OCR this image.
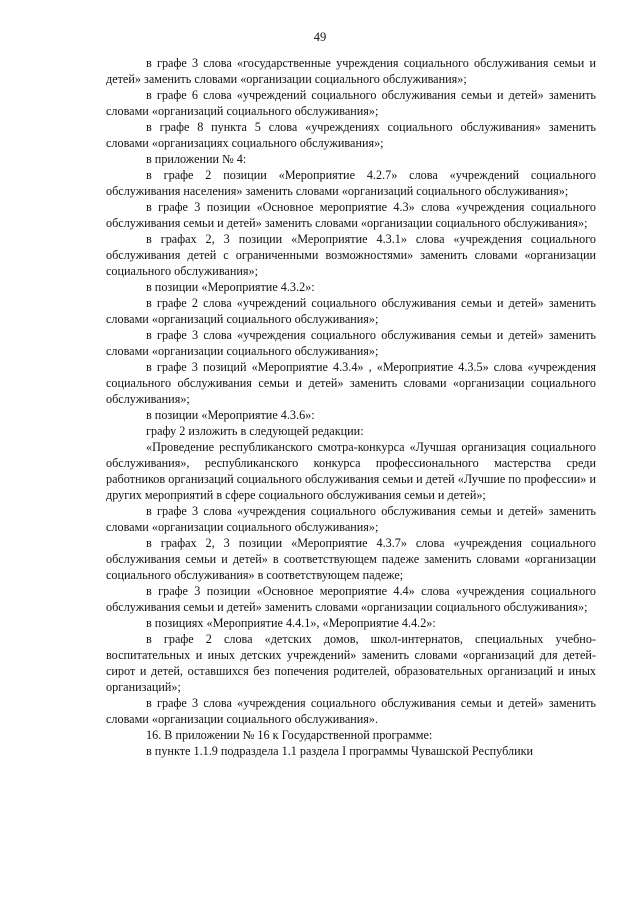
49

в графе 3 слова «государственные учреждения социального обслуживания семьи и детей» заменить словами «организации социального обслуживания»;

в графе 6 слова «учреждений социального обслуживания семьи и детей» заменить словами «организаций социального обслуживания»;

в графе 8 пункта 5 слова «учреждениях социального обслуживания» заменить словами «организациях социального обслуживания»;

в приложении № 4:

в графе 2 позиции «Мероприятие 4.2.7» слова «учреждений социального обслуживания населения» заменить словами «организаций социального обслуживания»;

в графе 3 позиции «Основное мероприятие 4.3» слова «учреждения социального обслуживания семьи и детей» заменить словами «организации социального обслуживания»;

в графах 2, 3 позиции «Мероприятие 4.3.1» слова «учреждения социального обслуживания детей с ограниченными возможностями» заменить словами «организации социального обслуживания»;

в позиции «Мероприятие 4.3.2»:

в графе 2 слова «учреждений социального обслуживания семьи и детей» заменить словами «организаций социального обслуживания»;

в графе 3 слова «учреждения социального обслуживания семьи и детей» заменить словами «организации социального обслуживания»;

в графе 3 позиций «Мероприятие 4.3.4» , «Мероприятие 4.3.5» слова «учреждения социального обслуживания семьи и детей» заменить словами «организации социального обслуживания»;

в позиции «Мероприятие 4.3.6»:

графу 2 изложить в следующей редакции:

«Проведение республиканского смотра-конкурса «Лучшая организация социального обслуживания», республиканского конкурса профессионального мастерства среди работников организаций социального обслуживания семьи и детей «Лучшие по профессии» и других мероприятий в сфере социального обслуживания семьи и детей»;

в графе 3 слова «учреждения социального обслуживания семьи и детей» заменить словами «организации социального обслуживания»;

в графах 2, 3 позиции «Мероприятие 4.3.7» слова «учреждения социального обслуживания семьи и детей» в соответствующем падеже заменить словами «организации социального обслуживания» в соответствующем падеже;

в графе 3 позиции «Основное мероприятие 4.4» слова «учреждения социального обслуживания семьи и детей» заменить словами «организации социального обслуживания»;

в позициях «Мероприятие 4.4.1», «Мероприятие 4.4.2»:

в графе 2 слова «детских домов, школ-интернатов, специальных учебно-воспитательных и иных детских учреждений» заменить словами «организаций для детей-сирот и детей, оставшихся без попечения родителей, образовательных организаций и иных организаций»;

в графе 3 слова «учреждения социального обслуживания семьи и детей» заменить словами «организации социального обслуживания».

16. В приложении № 16 к Государственной программе:

в пункте 1.1.9 подраздела 1.1 раздела I программы Чувашской Республики
